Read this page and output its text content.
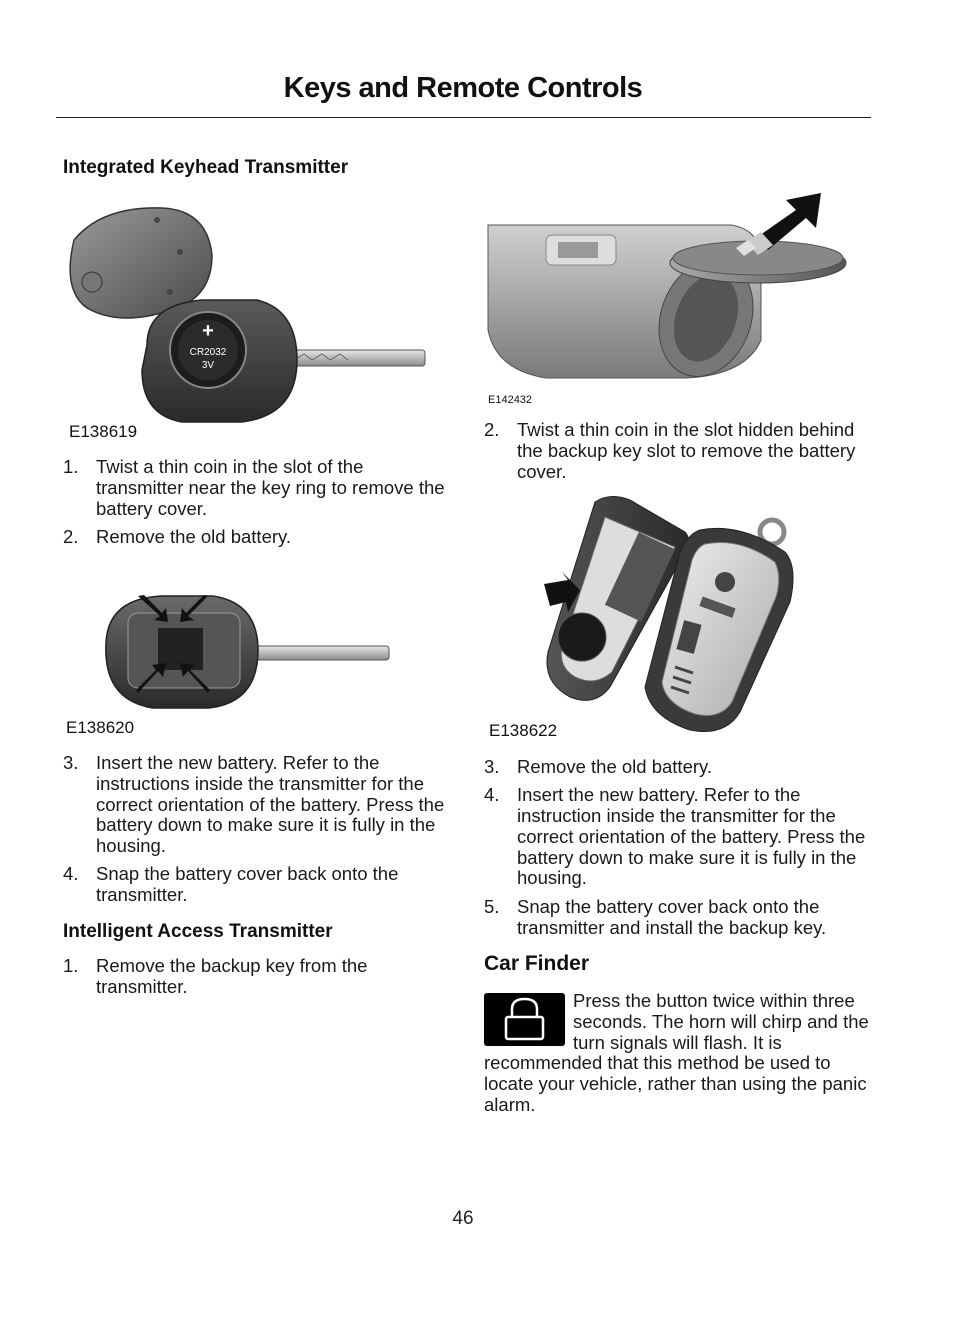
Keys and Remote Controls
Integrated Keyhead Transmitter
+
CR2032
3V
E138619
1. Twist a thin coin in the slot of the transmitter near the key ring to remove the battery cover.
2. Remove the old battery.
E138620
3. Insert the new battery. Refer to the instructions inside the transmitter for the correct orientation of the battery. Press the battery down to make sure it is fully in the housing.
4. Snap the battery cover back onto the transmitter.
Intelligent Access Transmitter
1. Remove the backup key from the transmitter.
E142432
2. Twist a thin coin in the slot hidden behind the backup key slot to remove the battery cover.
E138622
3. Remove the old battery.
4. Insert the new battery. Refer to the instruction inside the transmitter for the correct orientation of the battery. Press the battery down to make sure it is fully in the housing.
5. Snap the battery cover back onto the transmitter and install the backup key.
Car Finder
Press the button twice within three seconds. The horn will chirp and the turn signals will flash. It is recommended that this method be used to locate your vehicle, rather than using the panic alarm.
46
